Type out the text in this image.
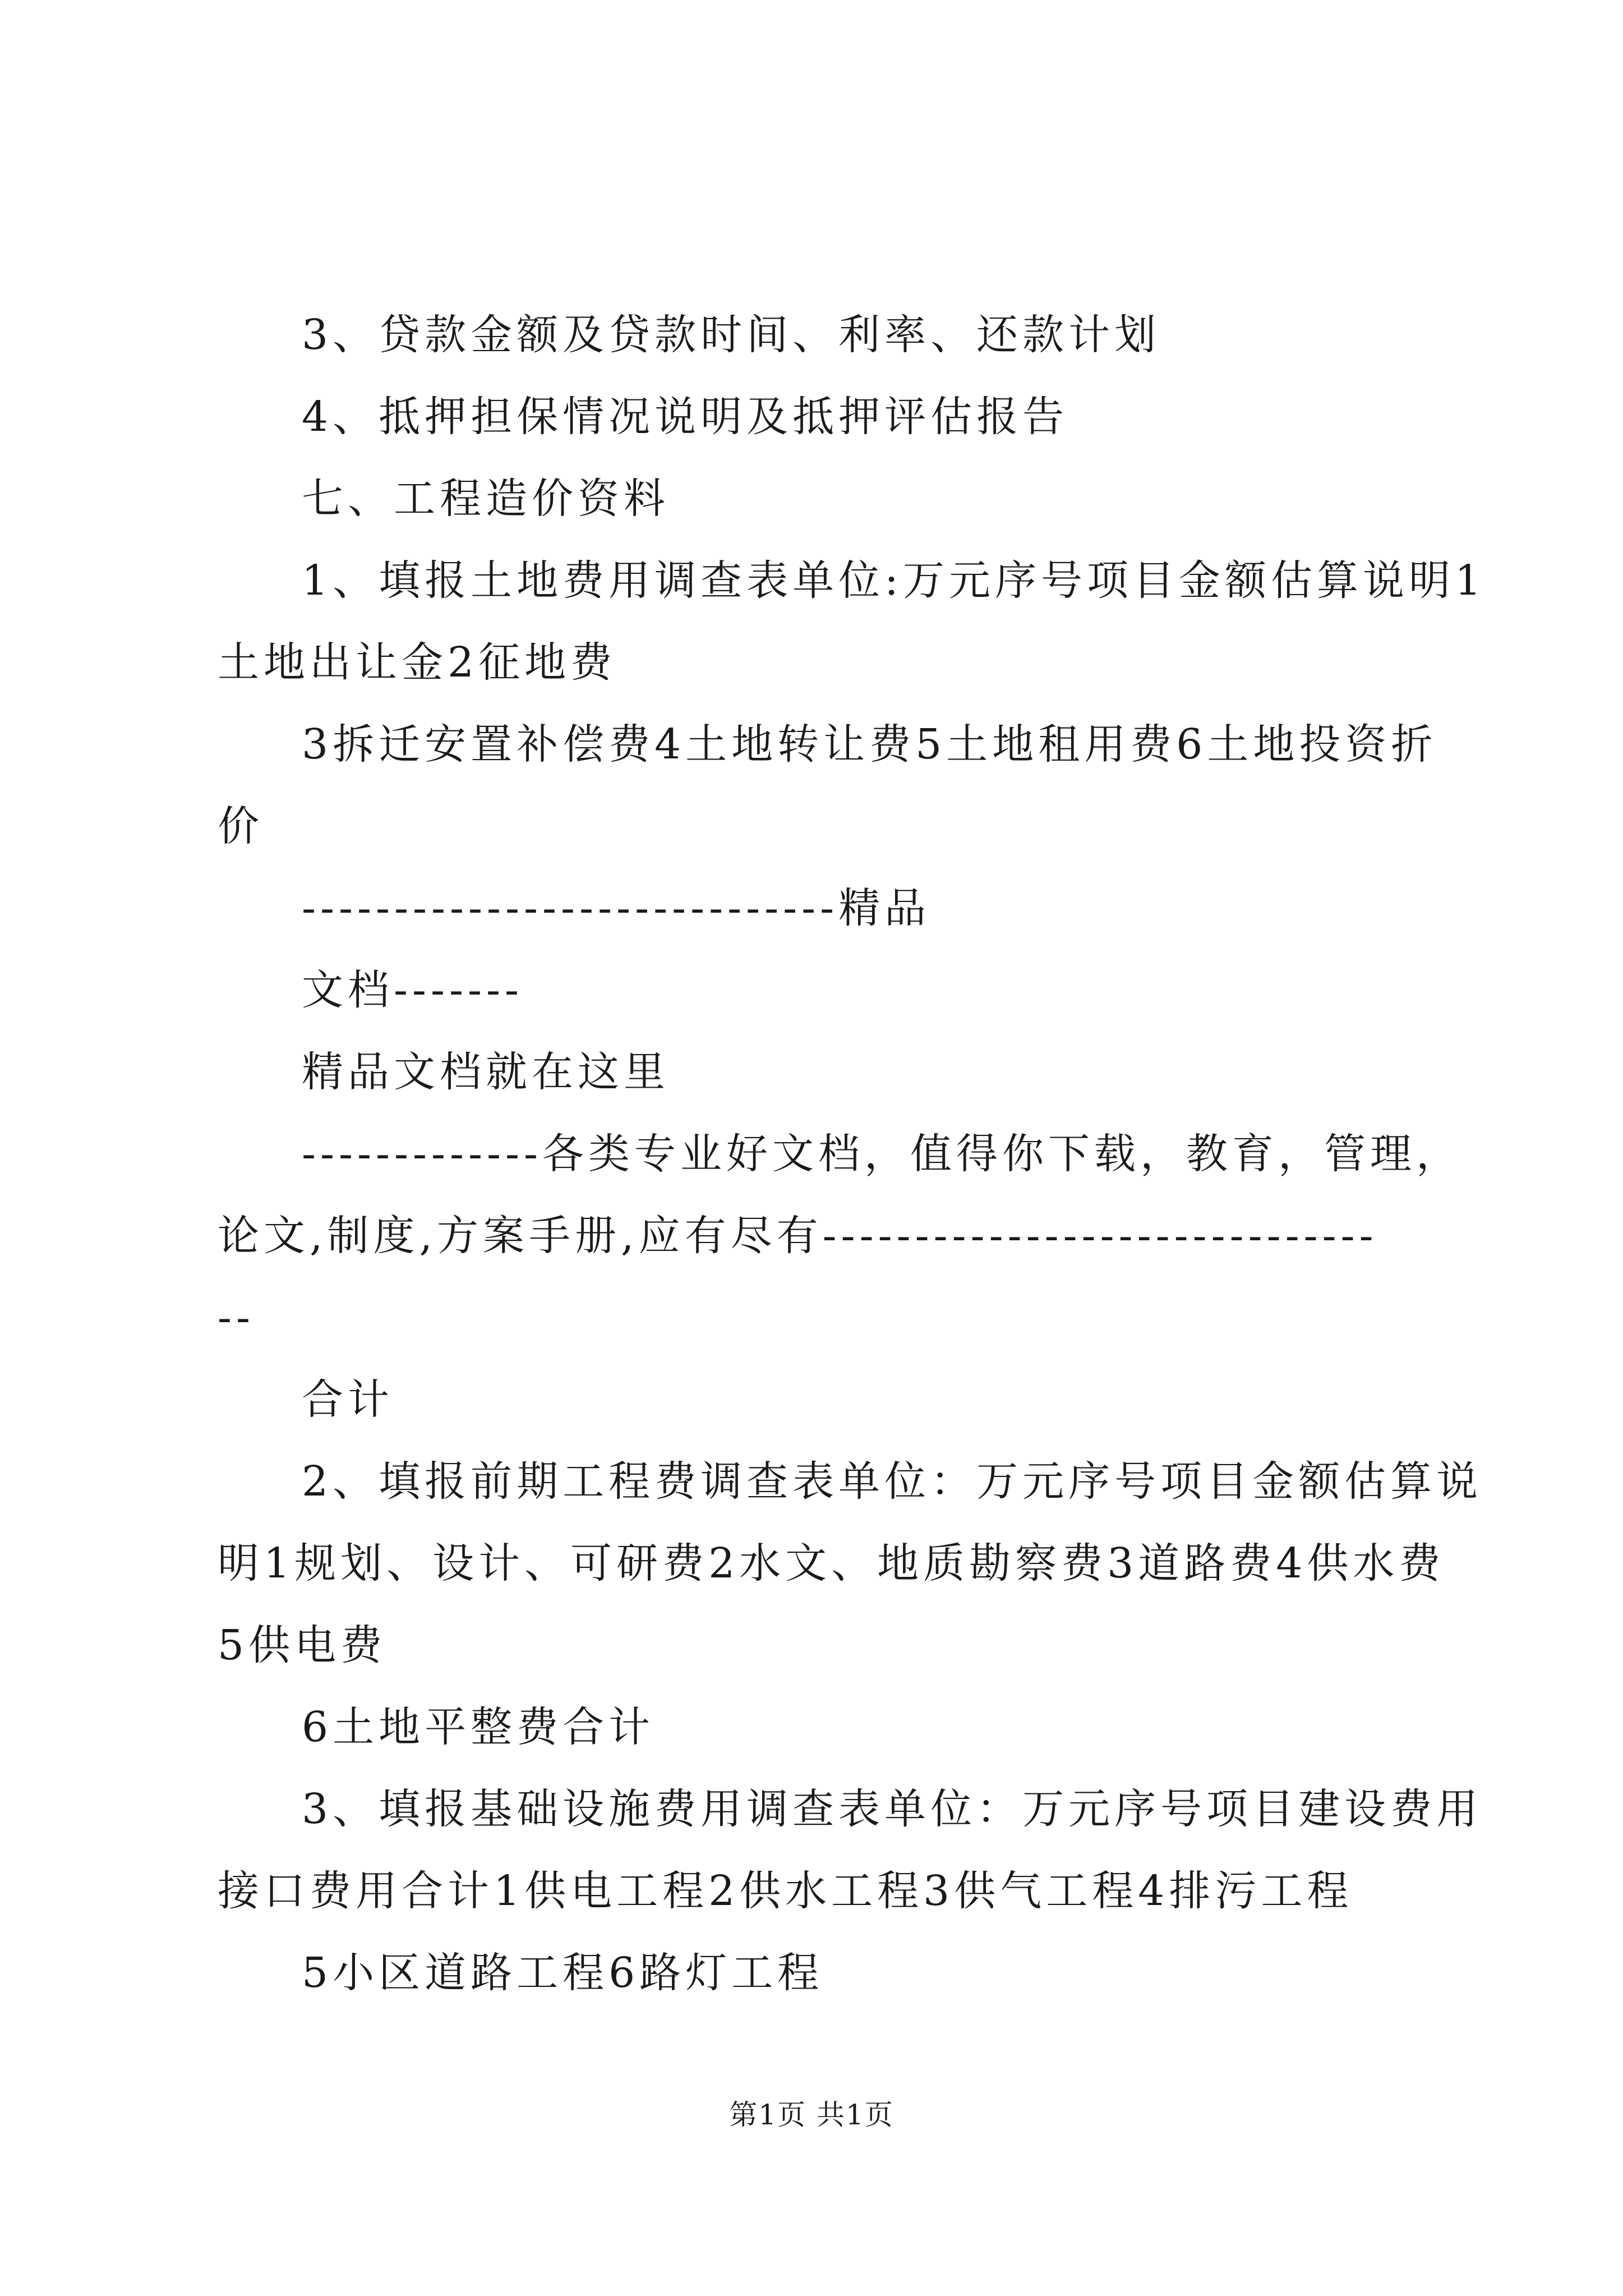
3、贷款金额及贷款时间、利率、还款计划
4、抵押担保情况说明及抵押评估报告
七、工程造价资料
1、填报土地费用调查表单位:万元序号项目金额估算说明1
土地出让金2征地费
3拆迁安置补偿费4土地转让费5土地租用费6土地投资折
价
-----------------------------精品
文档-------
精品文档就在这里
-------------各类专业好文档，值得你下载，教育，管理，
论文,制度,方案手册,应有尽有------------------------------
--
合计
2、填报前期工程费调查表单位：万元序号项目金额估算说
明1规划、设计、可研费2水文、地质勘察费3道路费4供水费
5供电费
6土地平整费合计
3、填报基础设施费用调查表单位：万元序号项目建设费用
接口费用合计1供电工程2供水工程3供气工程4排污工程
5小区道路工程6路灯工程
第1页 共1页
